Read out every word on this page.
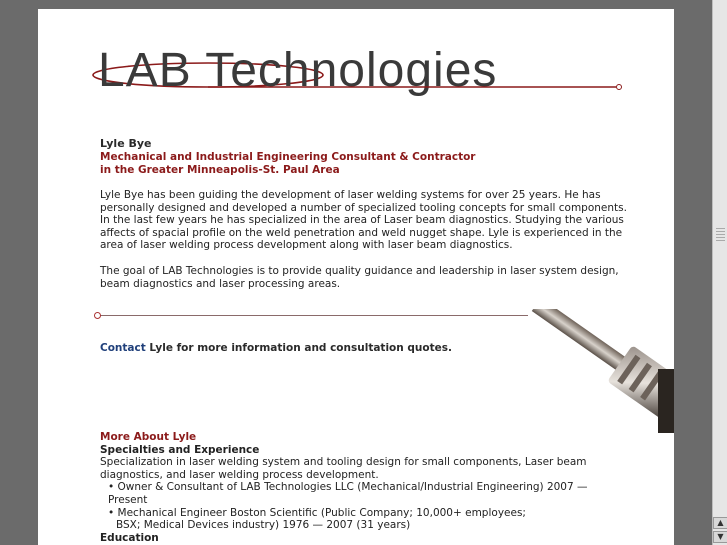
LAB Technologies
Lyle Bye
Mechanical and Industrial Engineering Consultant & Contractor
in the Greater Minneapolis-St. Paul Area
Lyle Bye has been guiding the development of laser welding systems for over 25 years. He has personally designed and developed a number of specialized tooling concepts for small components. In the last few years he has specialized in the area of Laser beam diagnostics. Studying the various affects of spacial profile on the weld penetration and weld nugget shape. Lyle is experienced in the area of laser welding process development along with laser beam diagnostics.
The goal of LAB Technologies is to provide quality guidance and leadership in laser system design, beam diagnostics and laser processing areas.
Contact Lyle for more information and consultation quotes.
More About Lyle
Specialties and Experience
Specialization in laser welding system and tooling design for small components, Laser beam diagnostics, and laser welding process development.
• Owner & Consultant of LAB Technologies LLC (Mechanical/Industrial Engineering) 2007 — Present
• Mechanical Engineer Boston Scientific (Public Company; 10,000+ employees;
BSX; Medical Devices industry) 1976 — 2007 (31 years)
Education
▲
▼
